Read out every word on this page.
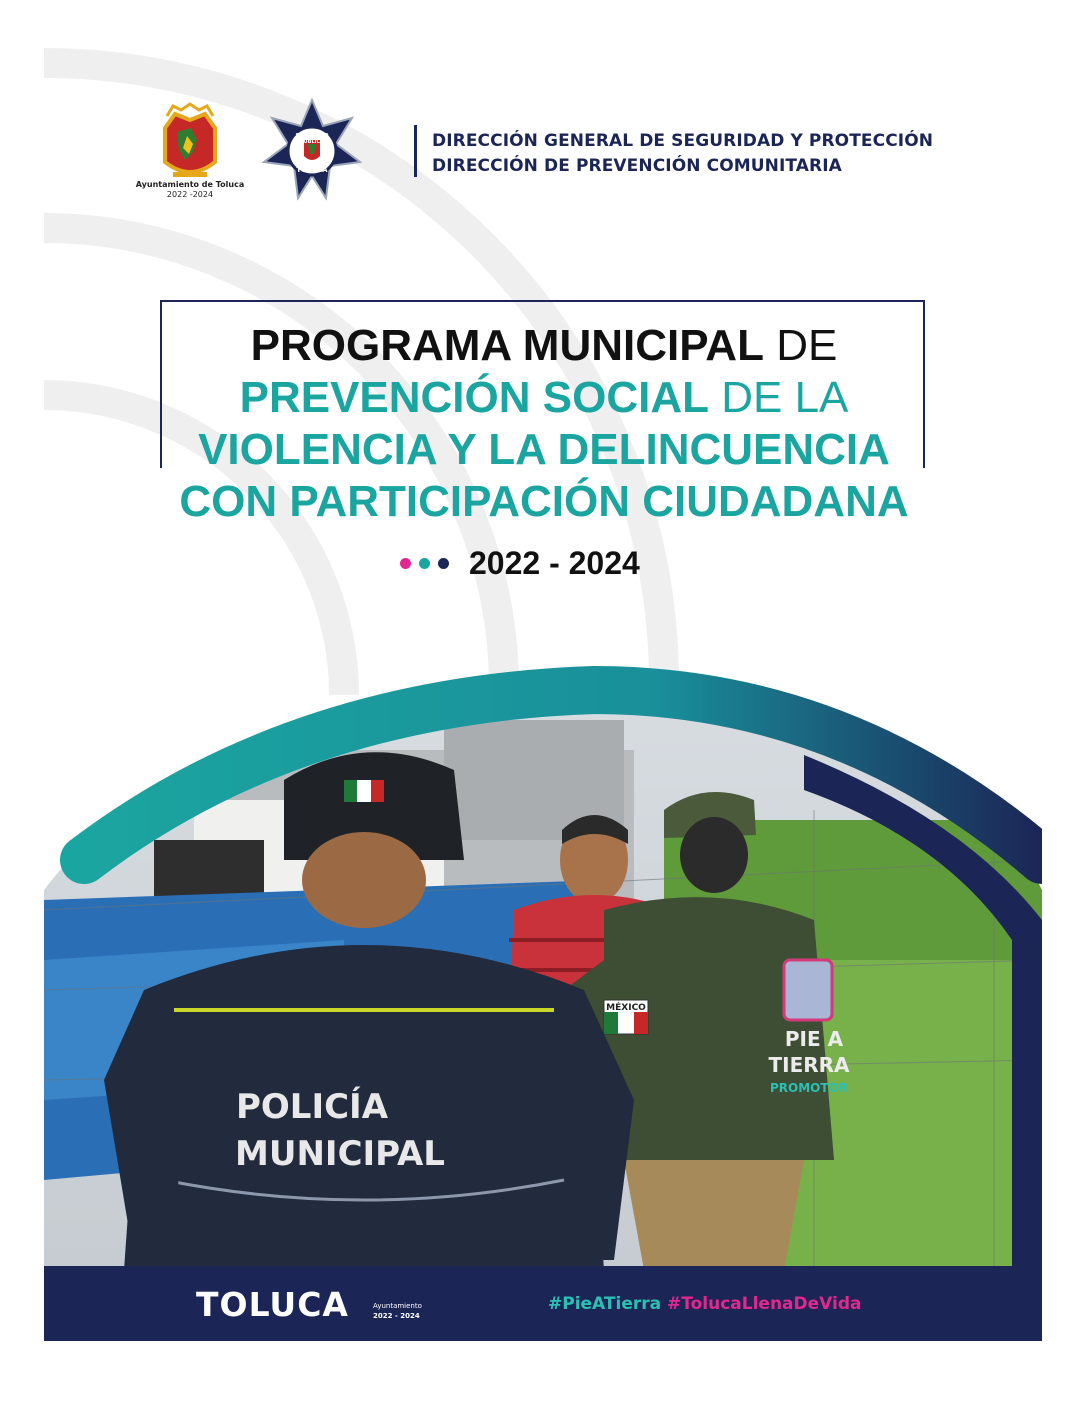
Ayuntamiento de Toluca
2022 -2024
SEGURIDAD PÚBLICA
TOLUCA
DIRECCIÓN GENERAL DE SEGURIDAD Y PROTECCIÓN
DIRECCIÓN DE PREVENCIÓN COMUNITARIA
PROGRAMA MUNICIPAL DE
PREVENCIÓN SOCIAL DE LA
VIOLENCIA Y LA DELINCUENCIA
CON PARTICIPACIÓN CIUDADANA
2022 - 2024
POLICÍA
MUNICIPAL
MÉXICO
PIE A
TIERRA
PROMOTOR
TOLUCA	Ayuntamiento
2022 - 2024
#PieATierra #TolucaLlenaDeVida
